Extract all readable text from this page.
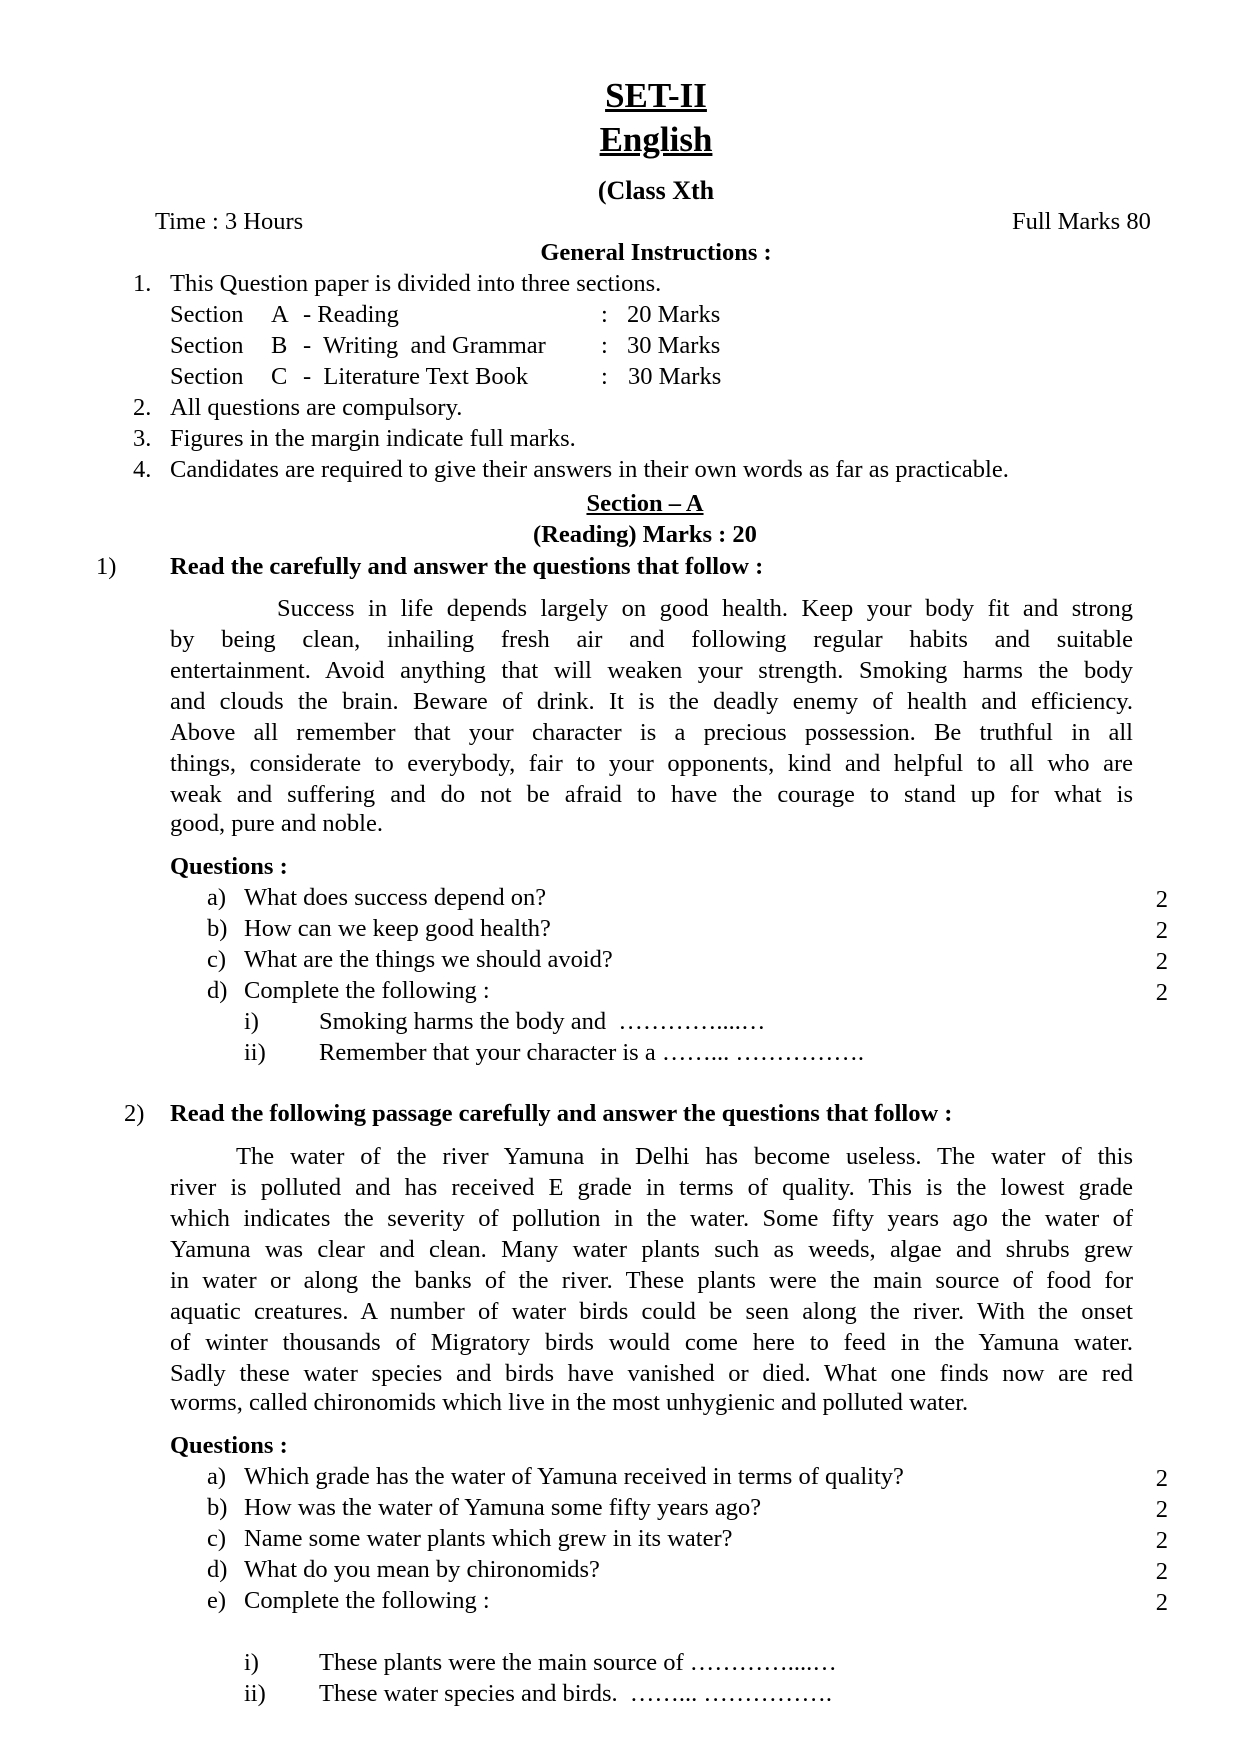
SET-II
English
(Class Xth
Time : 3 Hours	Full Marks 80
General Instructions :
1. This Question paper is divided into three sections.
Section A - Reading	: 20 Marks
Section B -  Writing  and Grammar : 30 Marks
Section C -  Literature Text Book	: 30 Marks
2. All questions are compulsory.
3. Figures in the margin indicate full marks.
4. Candidates are required to give their answers in their own words as far as practicable.
Section – A
(Reading) Marks : 20
1) Read the carefully and answer the questions that follow :
Success in life depends largely on good health. Keep your body fit and strong
by being clean, inhailing fresh air and following regular habits and suitable
entertainment. Avoid anything that will weaken your strength. Smoking harms the body
and clouds the brain. Beware of drink. It is the deadly enemy of health and efficiency.
Above all remember that your character is a precious possession. Be truthful in all
things, considerate to everybody, fair to your opponents, kind and helpful to all who are
weak and suffering and do not be afraid to have the courage to stand up for what is
good, pure and noble.
Questions :
a) What does success depend on?	2
b) How can we keep good health?	2
c) What are the things we should avoid?	2
d) Complete the following :	2
i) Smoking harms the body and  …………....…
ii) Remember that your character is a ……... …………….
2) Read the following passage carefully and answer the questions that follow :
The water of the river Yamuna in Delhi has become useless. The water of this
river is polluted and has received E grade in terms of quality. This is the lowest grade
which indicates the severity of pollution in the water. Some fifty years ago the water of
Yamuna was clear and clean. Many water plants such as weeds, algae and shrubs grew
in water or along the banks of the river. These plants were the main source of food for
aquatic creatures. A number of water birds could be seen along the river. With the onset
of winter thousands of Migratory birds would come here to feed in the Yamuna water.
Sadly these water species and birds have vanished or died. What one finds now are red
worms, called chironomids which live in the most unhygienic and polluted water.
Questions :
a) Which grade has the water of Yamuna received in terms of quality?	2
b) How was the water of Yamuna some fifty years ago?	2
c) Name some water plants which grew in its water?	2
d) What do you mean by chironomids?	2
e) Complete the following :	2
i) These plants were the main source of …………....…
ii) These water species and birds.  ……... …………….
